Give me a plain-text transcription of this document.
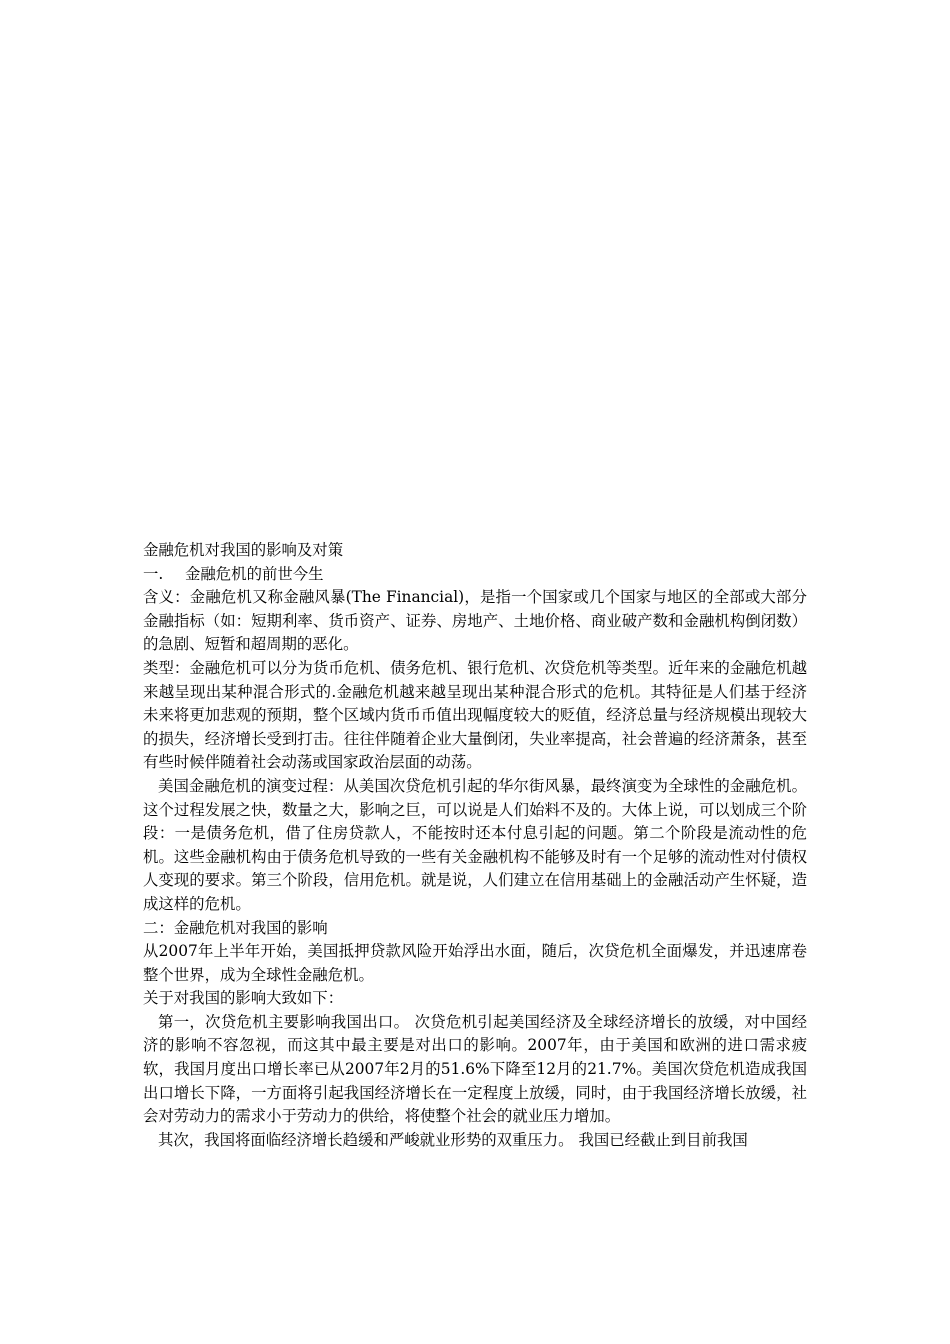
金融危机对我国的影响及对策

一. 金融危机的前世今生

含义：金融危机又称金融风暴(The Financial)，是指一个国家或几个国家与地区的全部或大部分金融指标（如：短期利率、货币资产、证券、房地产、土地价格、商业破产数和金融机构倒闭数）的急剧、短暂和超周期的恶化。

类型：金融危机可以分为货币危机、债务危机、银行危机、次贷危机等类型。近年来的金融危机越来越呈现出某种混合形式的.金融危机越来越呈现出某种混合形式的危机。其特征是人们基于经济未来将更加悲观的预期，整个区域内货币币值出现幅度较大的贬值，经济总量与经济规模出现较大的损失，经济增长受到打击。往往伴随着企业大量倒闭，失业率提高，社会普遍的经济萧条，甚至有些时候伴随着社会动荡或国家政治层面的动荡。

美国金融危机的演变过程：从美国次贷危机引起的华尔街风暴，最终演变为全球性的金融危机。这个过程发展之快，数量之大，影响之巨，可以说是人们始料不及的。大体上说，可以划成三个阶段：一是债务危机，借了住房贷款人，不能按时还本付息引起的问题。第二个阶段是流动性的危机。这些金融机构由于债务危机导致的一些有关金融机构不能够及时有一个足够的流动性对付债权人变现的要求。第三个阶段，信用危机。就是说，人们建立在信用基础上的金融活动产生怀疑，造成这样的危机。

二：金融危机对我国的影响

从2007年上半年开始，美国抵押贷款风险开始浮出水面，随后，次贷危机全面爆发，并迅速席卷整个世界，成为全球性金融危机。

关于对我国的影响大致如下：

第一，次贷危机主要影响我国出口。 次贷危机引起美国经济及全球经济增长的放缓，对中国经济的影响不容忽视，而这其中最主要是对出口的影响。2007年，由于美国和欧洲的进口需求疲软，我国月度出口增长率已从2007年2月的51.6%下降至12月的21.7%。美国次贷危机造成我国出口增长下降，一方面将引起我国经济增长在一定程度上放缓，同时，由于我国经济增长放缓，社会对劳动力的需求小于劳动力的供给，将使整个社会的就业压力增加。

其次，我国将面临经济增长趋缓和严峻就业形势的双重压力。 我国已经截止到目前我国
